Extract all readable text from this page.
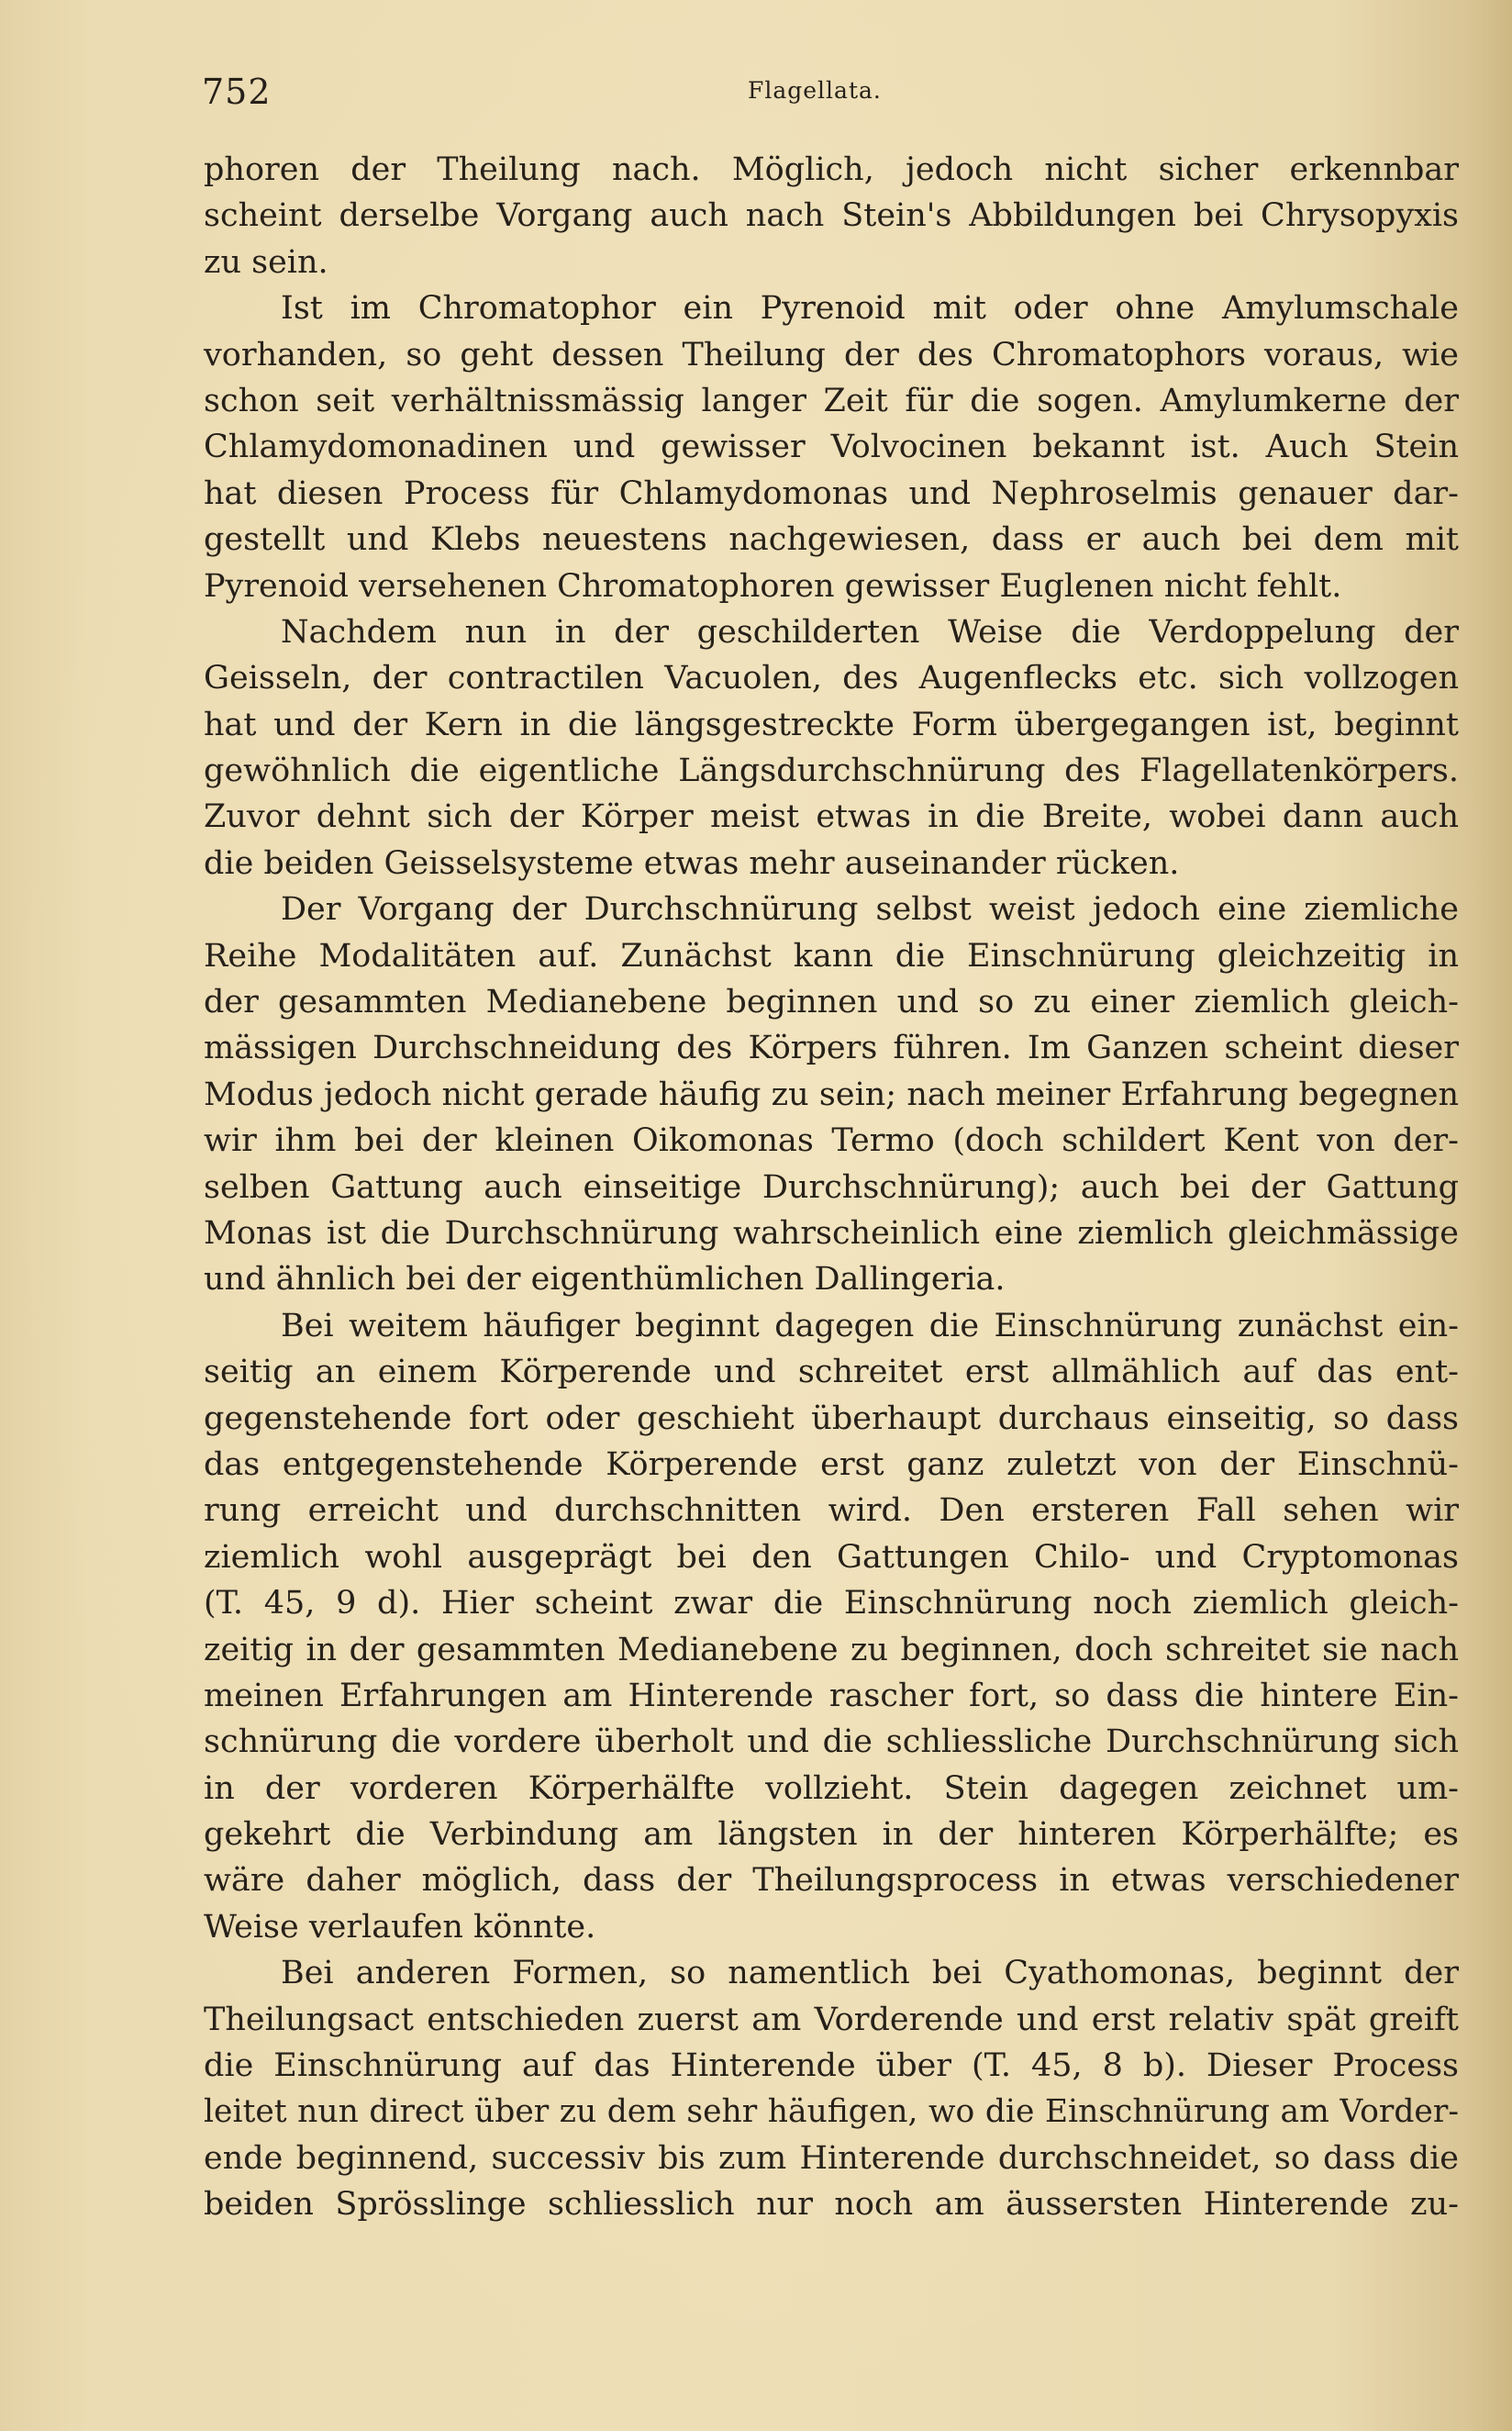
752	Flagellata.
phoren der Theilung nach. Möglich, jedoch nicht sicher erkennbar
scheint derselbe Vorgang auch nach Stein's Abbildungen bei Chrysopyxis
zu sein.
Ist im Chromatophor ein Pyrenoid mit oder ohne Amylumschale
vorhanden, so geht dessen Theilung der des Chromatophors voraus, wie
schon seit verhältnissmässig langer Zeit für die sogen. Amylumkerne der
Chlamydomonadinen und gewisser Volvocinen bekannt ist. Auch Stein
hat diesen Process für Chlamydomonas und Nephroselmis genauer dar-
gestellt und Klebs neuestens nachgewiesen, dass er auch bei dem mit
Pyrenoid versehenen Chromatophoren gewisser Euglenen nicht fehlt.
Nachdem nun in der geschilderten Weise die Verdoppelung der
Geisseln, der contractilen Vacuolen, des Augenflecks etc. sich vollzogen
hat und der Kern in die längsgestreckte Form übergegangen ist, beginnt
gewöhnlich die eigentliche Längsdurchschnürung des Flagellatenkörpers.
Zuvor dehnt sich der Körper meist etwas in die Breite, wobei dann auch
die beiden Geisselsysteme etwas mehr auseinander rücken.
Der Vorgang der Durchschnürung selbst weist jedoch eine ziemliche
Reihe Modalitäten auf. Zunächst kann die Einschnürung gleichzeitig in
der gesammten Medianebene beginnen und so zu einer ziemlich gleich-
mässigen Durchschneidung des Körpers führen. Im Ganzen scheint dieser
Modus jedoch nicht gerade häufig zu sein; nach meiner Erfahrung begegnen
wir ihm bei der kleinen Oikomonas Termo (doch schildert Kent von der-
selben Gattung auch einseitige Durchschnürung); auch bei der Gattung
Monas ist die Durchschnürung wahrscheinlich eine ziemlich gleichmässige
und ähnlich bei der eigenthümlichen Dallingeria.
Bei weitem häufiger beginnt dagegen die Einschnürung zunächst ein-
seitig an einem Körperende und schreitet erst allmählich auf das ent-
gegenstehende fort oder geschieht überhaupt durchaus einseitig, so dass
das entgegenstehende Körperende erst ganz zuletzt von der Einschnü-
rung erreicht und durchschnitten wird. Den ersteren Fall sehen wir
ziemlich wohl ausgeprägt bei den Gattungen Chilo- und Cryptomonas
(T. 45, 9 d). Hier scheint zwar die Einschnürung noch ziemlich gleich-
zeitig in der gesammten Medianebene zu beginnen, doch schreitet sie nach
meinen Erfahrungen am Hinterende rascher fort, so dass die hintere Ein-
schnürung die vordere überholt und die schliessliche Durchschnürung sich
in der vorderen Körperhälfte vollzieht. Stein dagegen zeichnet um-
gekehrt die Verbindung am längsten in der hinteren Körperhälfte; es
wäre daher möglich, dass der Theilungsprocess in etwas verschiedener
Weise verlaufen könnte.
Bei anderen Formen, so namentlich bei Cyathomonas, beginnt der
Theilungsact entschieden zuerst am Vorderende und erst relativ spät greift
die Einschnürung auf das Hinterende über (T. 45, 8 b). Dieser Process
leitet nun direct über zu dem sehr häufigen, wo die Einschnürung am Vorder-
ende beginnend, successiv bis zum Hinterende durchschneidet, so dass die
beiden Sprösslinge schliesslich nur noch am äussersten Hinterende zu-
